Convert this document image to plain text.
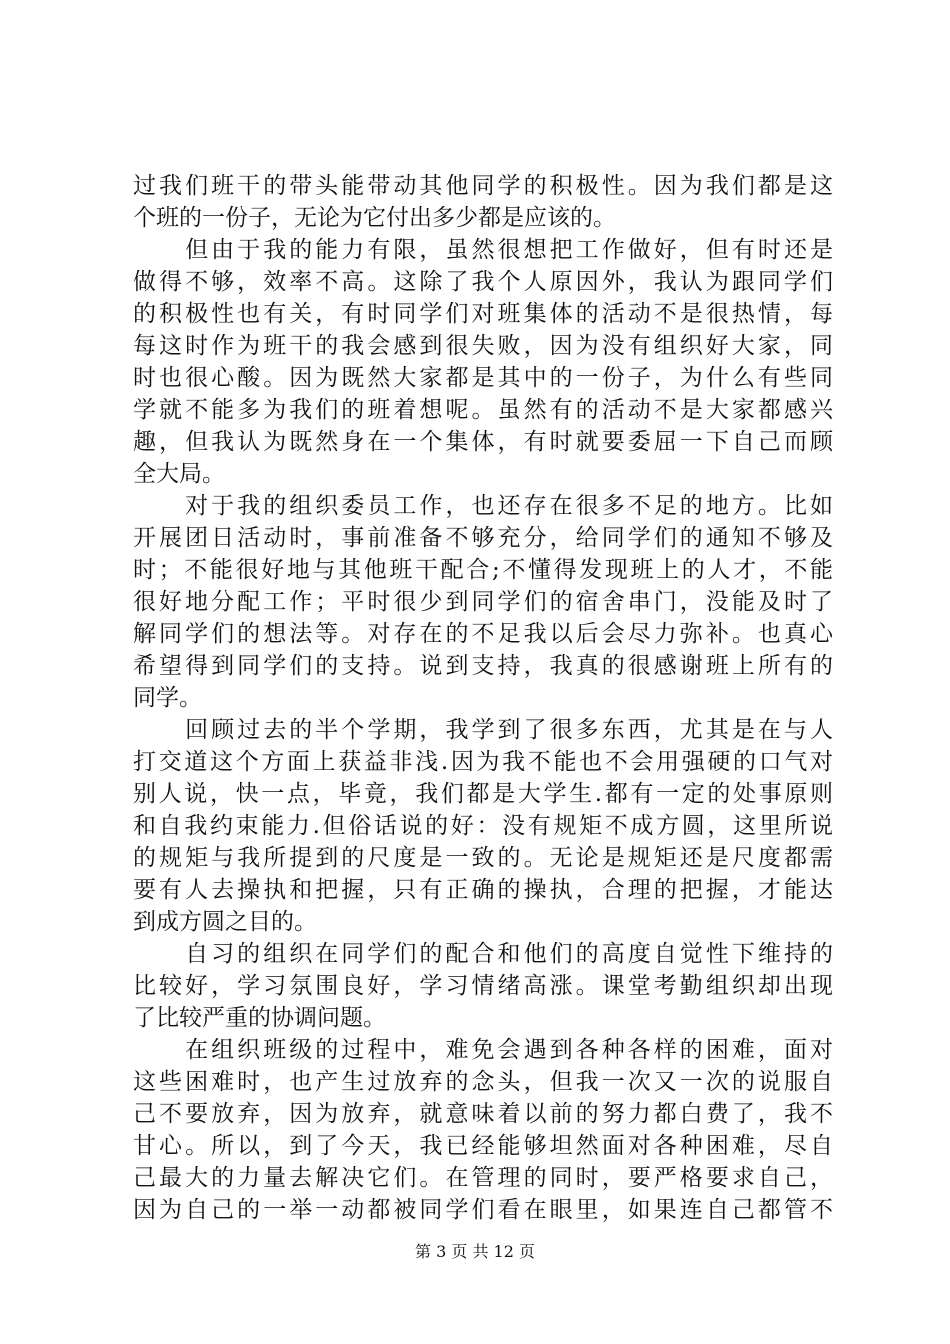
过我们班干的带头能带动其他同学的积极性。因为我们都是这
个班的一份子，无论为它付出多少都是应该的。
　　但由于我的能力有限，虽然很想把工作做好，但有时还是
做得不够，效率不高。这除了我个人原因外，我认为跟同学们
的积极性也有关，有时同学们对班集体的活动不是很热情，每
每这时作为班干的我会感到很失败，因为没有组织好大家，同
时也很心酸。因为既然大家都是其中的一份子，为什么有些同
学就不能多为我们的班着想呢。虽然有的活动不是大家都感兴
趣，但我认为既然身在一个集体，有时就要委屈一下自己而顾
全大局。
　　对于我的组织委员工作，也还存在很多不足的地方。比如
开展团日活动时，事前准备不够充分，给同学们的通知不够及
时；不能很好地与其他班干配合;不懂得发现班上的人才，不能
很好地分配工作；平时很少到同学们的宿舍串门，没能及时了
解同学们的想法等。对存在的不足我以后会尽力弥补。也真心
希望得到同学们的支持。说到支持，我真的很感谢班上所有的
同学。
　　回顾过去的半个学期，我学到了很多东西，尤其是在与人
打交道这个方面上获益非浅.因为我不能也不会用强硬的口气对
别人说，快一点，毕竟，我们都是大学生.都有一定的处事原则
和自我约束能力.但俗话说的好：没有规矩不成方圆，这里所说
的规矩与我所提到的尺度是一致的。无论是规矩还是尺度都需
要有人去操执和把握，只有正确的操执，合理的把握，才能达
到成方圆之目的。
　　自习的组织在同学们的配合和他们的高度自觉性下维持的
比较好，学习氛围良好，学习情绪高涨。课堂考勤组织却出现
了比较严重的协调问题。
　　在组织班级的过程中，难免会遇到各种各样的困难，面对
这些困难时，也产生过放弃的念头，但我一次又一次的说服自
己不要放弃，因为放弃，就意味着以前的努力都白费了，我不
甘心。所以，到了今天，我已经能够坦然面对各种困难，尽自
己最大的力量去解决它们。在管理的同时，要严格要求自己，
因为自己的一举一动都被同学们看在眼里，如果连自己都管不
第 3 页 共 12 页
